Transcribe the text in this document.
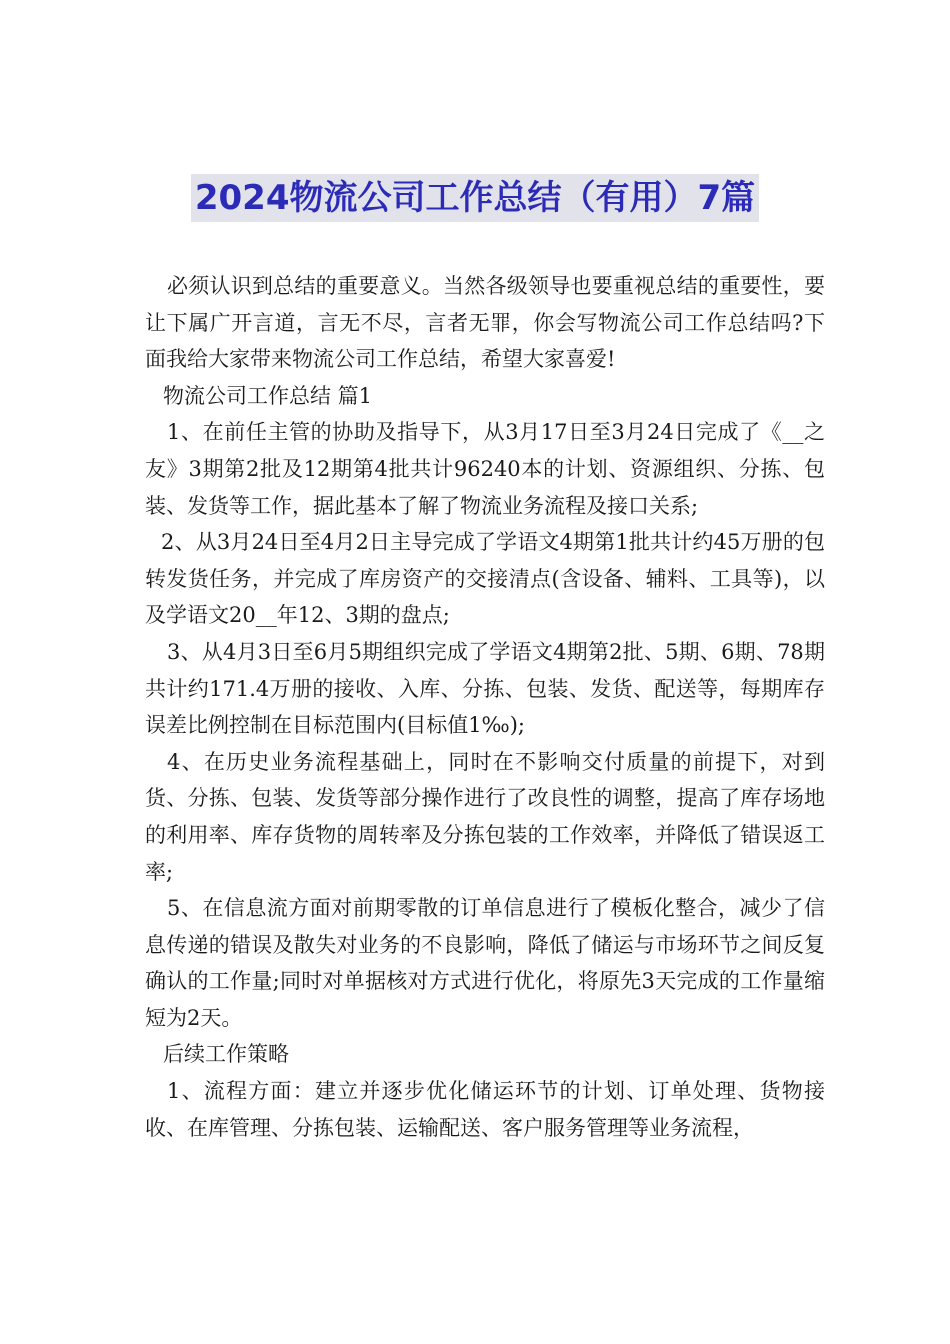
2024物流公司工作总结（有用）7篇

必须认识到总结的重要意义。当然各级领导也要重视总结的重要性，要让下属广开言道，言无不尽，言者无罪，你会写物流公司工作总结吗?下面我给大家带来物流公司工作总结，希望大家喜爱!

物流公司工作总结 篇1

1、在前任主管的协助及指导下，从3月17日至3月24日完成了《__之友》3期第2批及12期第4批共计96240本的计划、资源组织、分拣、包装、发货等工作，据此基本了解了物流业务流程及接口关系;

2、从3月24日至4月2日主导完成了学语文4期第1批共计约45万册的包转发货任务，并完成了库房资产的交接清点(含设备、辅料、工具等)，以及学语文20__年12、3期的盘点;

3、从4月3日至6月5期组织完成了学语文4期第2批、5期、6期、78期共计约171.4万册的接收、入库、分拣、包装、发货、配送等，每期库存误差比例控制在目标范围内(目标值1‰);

4、在历史业务流程基础上，同时在不影响交付质量的前提下，对到货、分拣、包装、发货等部分操作进行了改良性的调整，提高了库存场地的利用率、库存货物的周转率及分拣包装的工作效率，并降低了错误返工率;

5、在信息流方面对前期零散的订单信息进行了模板化整合，减少了信息传递的错误及散失对业务的不良影响，降低了储运与市场环节之间反复确认的工作量;同时对单据核对方式进行优化，将原先3天完成的工作量缩短为2天。

后续工作策略

1、流程方面：建立并逐步优化储运环节的计划、订单处理、货物接收、在库管理、分拣包装、运输配送、客户服务管理等业务流程，
